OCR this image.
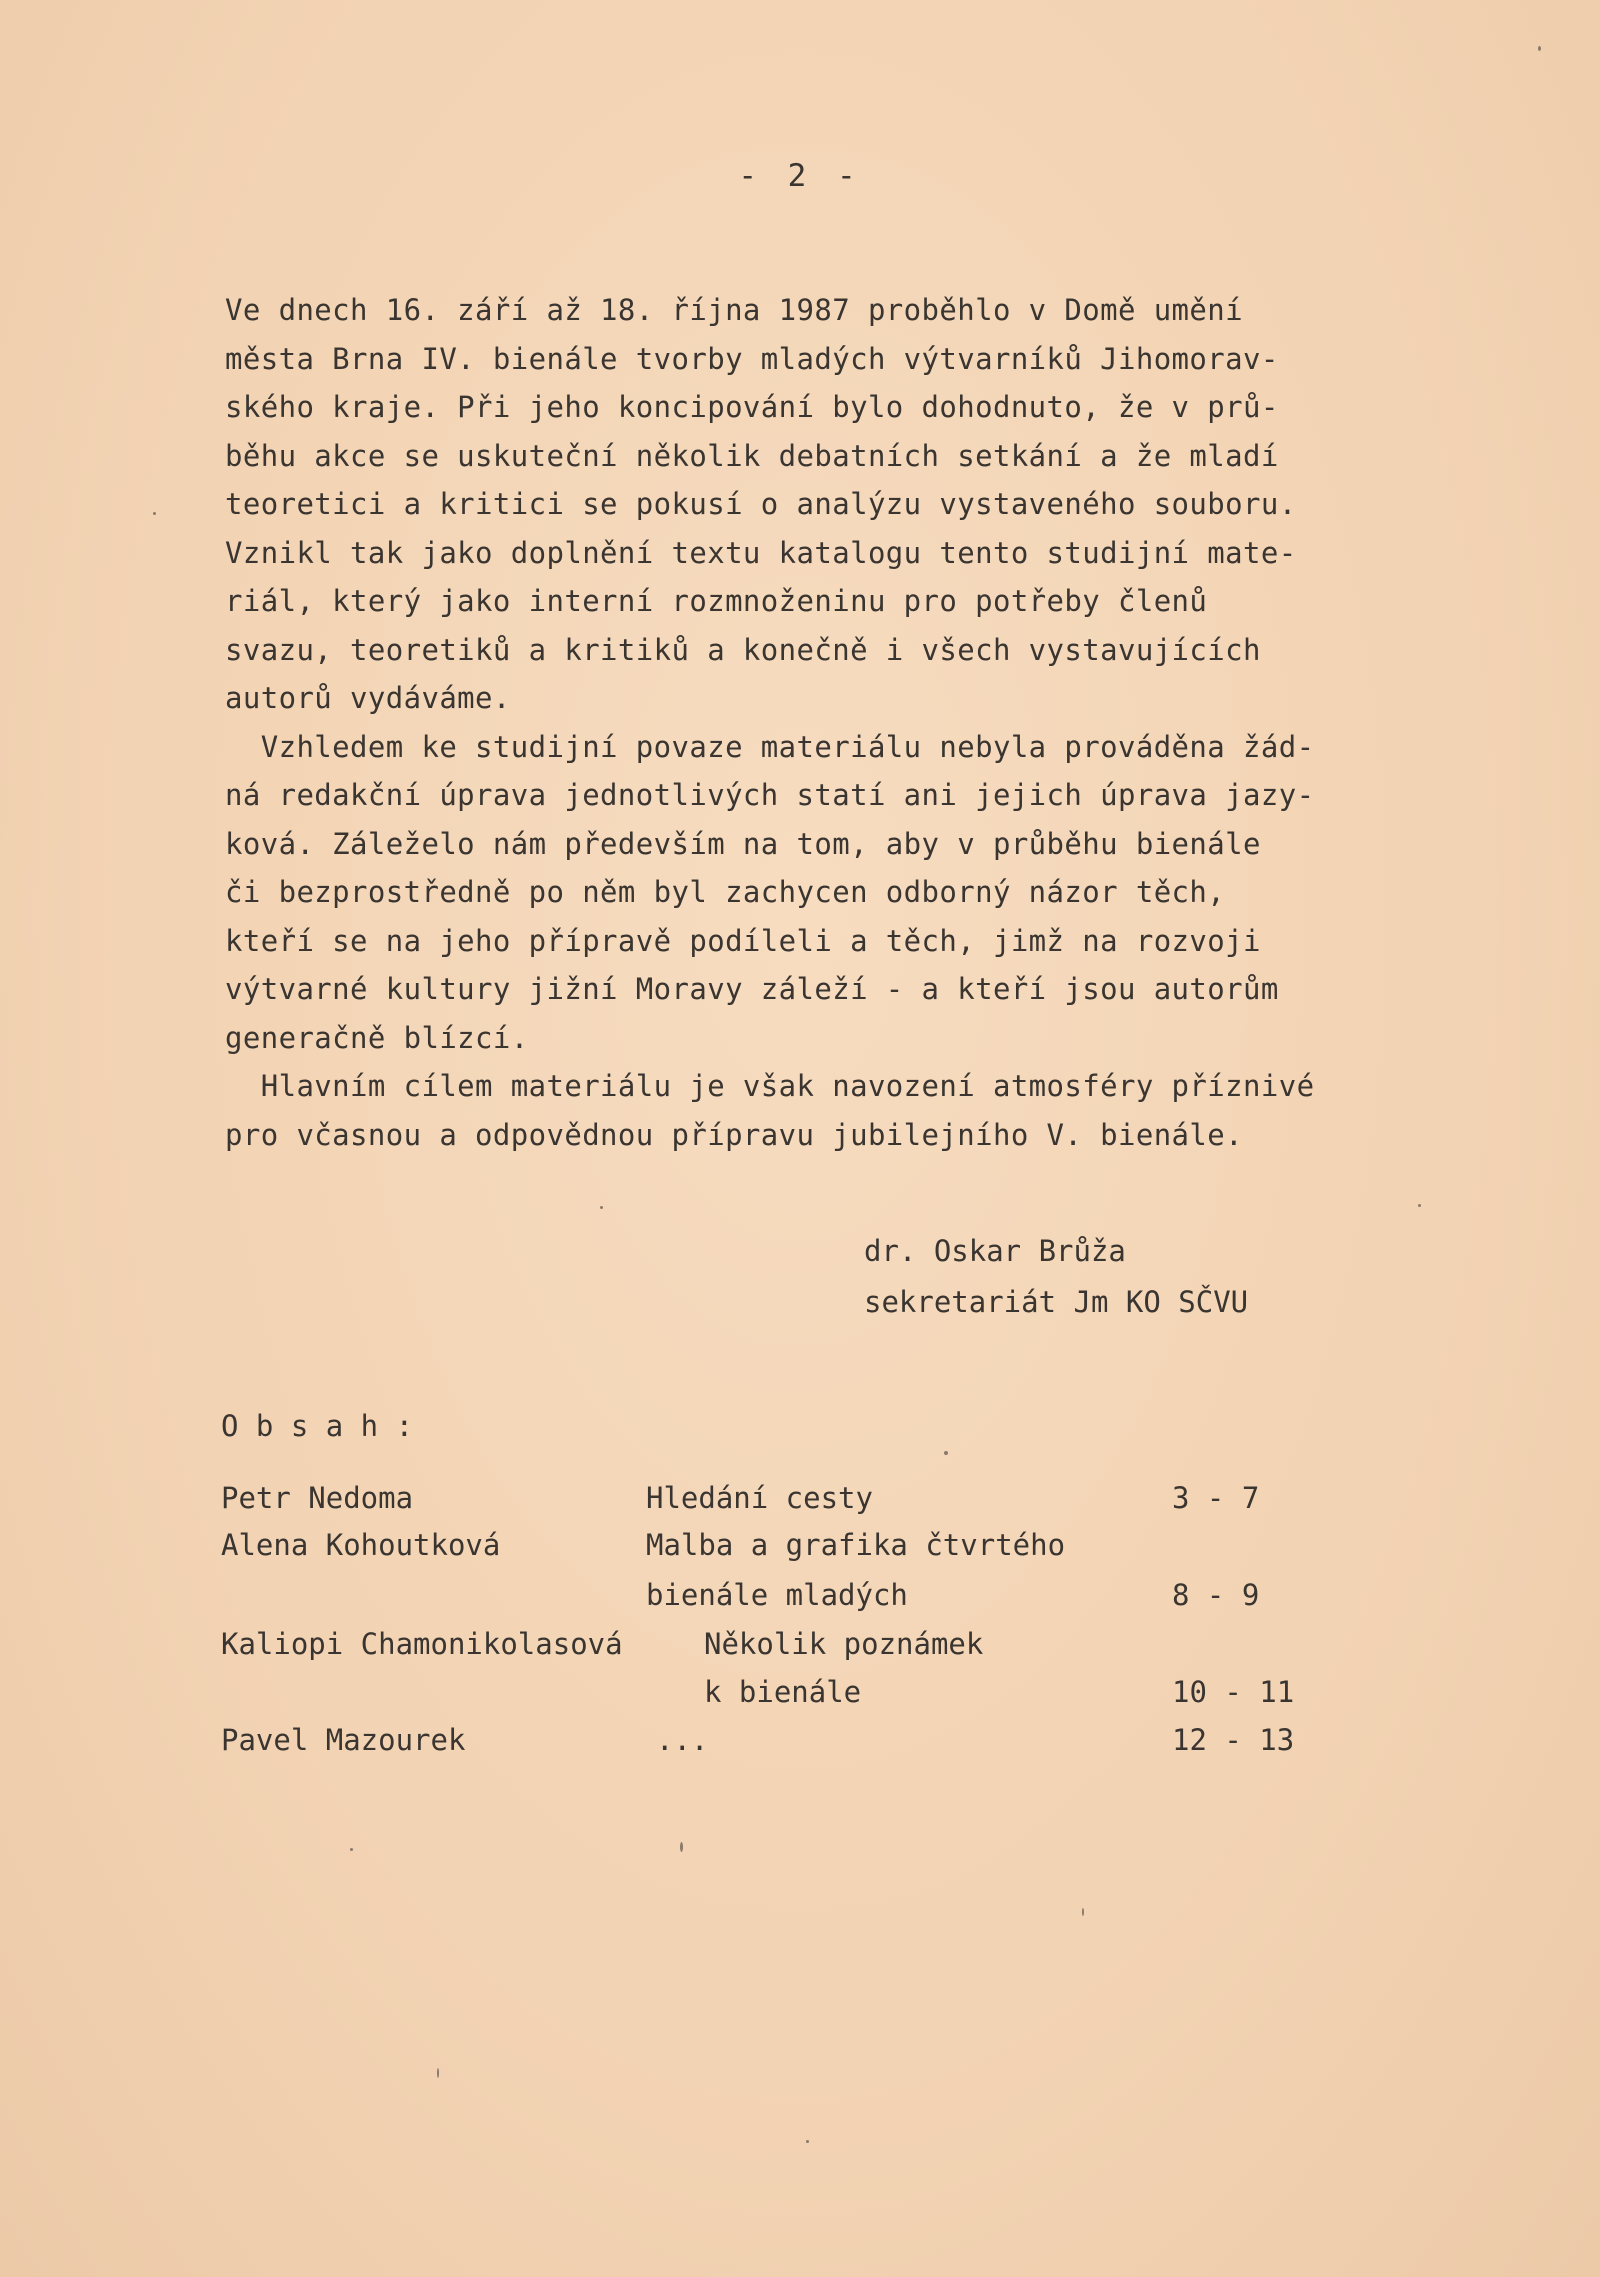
- 2 -
Ve dnech 16. září až 18. října 1987 proběhlo v Domě umění
města Brna IV. bienále tvorby mladých výtvarníků Jihomorav-
ského kraje. Při jeho koncipování bylo dohodnuto, že v prů-
běhu akce se uskuteční několik debatních setkání a že mladí
teoretici a kritici se pokusí o analýzu vystaveného souboru.
Vznikl tak jako doplnění textu katalogu tento studijní mate-
riál, který jako interní rozmnoženinu pro potřeby členů
svazu, teoretiků a kritiků a konečně i všech vystavujících
autorů vydáváme.
Vzhledem ke studijní povaze materiálu nebyla prováděna žád-
ná redakční úprava jednotlivých statí ani jejich úprava jazy-
ková. Záleželo nám především na tom, aby v průběhu bienále
či bezprostředně po něm byl zachycen odborný názor těch,
kteří se na jeho přípravě podíleli a těch, jimž na rozvoji
výtvarné kultury jižní Moravy záleží - a kteří jsou autorům
generačně blízcí.
Hlavním cílem materiálu je však navození atmosféry příznivé
pro včasnou a odpovědnou přípravu jubilejního V. bienále.
dr. Oskar Brůža
sekretariát Jm KO SČVU
O b s a h :
Petr Nedoma	Hledání cesty	3 - 7
Alena Kohoutková	Malba a grafika čtvrtého
bienále mladých	8 - 9
Kaliopi Chamonikolasová	Několik poznámek
k bienále	10 - 11
Pavel Mazourek	...	12 - 13
